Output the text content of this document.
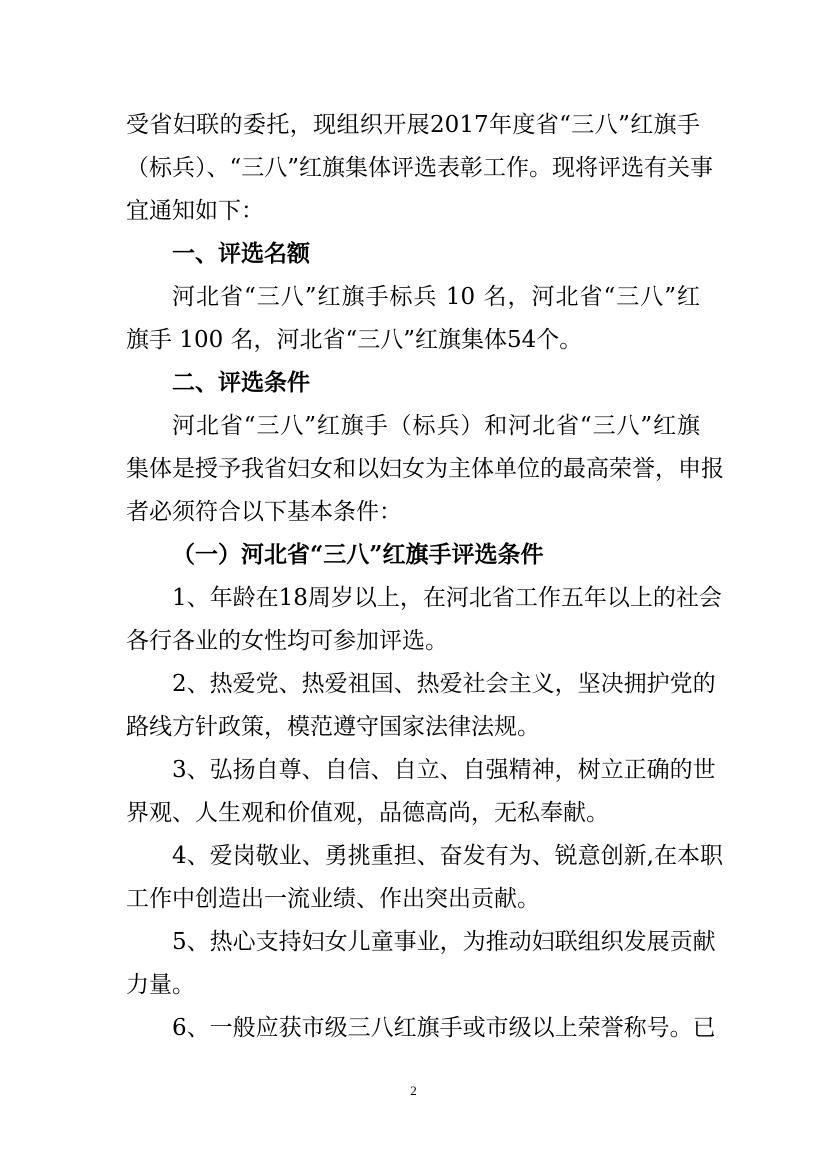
受省妇联的委托，现组织开展2017年度省“三八”红旗手
（标兵）、“三八”红旗集体评选表彰工作。现将评选有关事
宜通知如下：
一、评选名额
河北省“三八”红旗手标兵 10 名，河北省“三八”红
旗手 100 名，河北省“三八”红旗集体54个。
二、评选条件
河北省“三八”红旗手（标兵）和河北省“三八”红旗
集体是授予我省妇女和以妇女为主体单位的最高荣誉，申报
者必须符合以下基本条件：
（一）河北省“三八”红旗手评选条件
1、年龄在18周岁以上，在河北省工作五年以上的社会
各行各业的女性均可参加评选。
2、热爱党、热爱祖国、热爱社会主义，坚决拥护党的
路线方针政策，模范遵守国家法律法规。
3、弘扬自尊、自信、自立、自强精神，树立正确的世
界观、人生观和价值观，品德高尚，无私奉献。
4、爱岗敬业、勇挑重担、奋发有为、锐意创新,在本职
工作中创造出一流业绩、作出突出贡献。
5、热心支持妇女儿童事业，为推动妇联组织发展贡献
力量。
6、一般应获市级三八红旗手或市级以上荣誉称号。已
2
